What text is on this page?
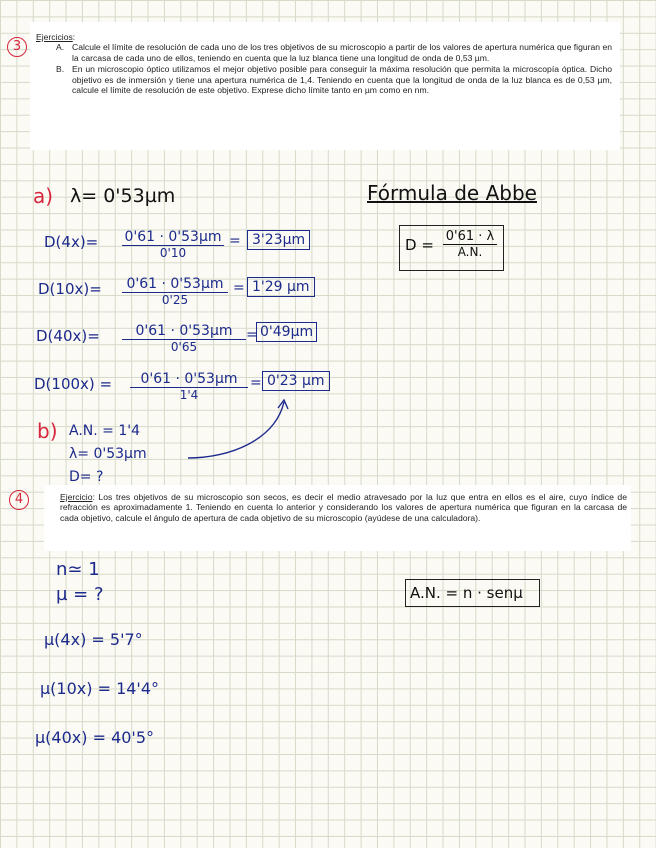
3
Ejercicios:
A. Calcule el límite de resolución de cada uno de los tres objetivos de su microscopio a partir de los valores de apertura numérica que figuran en la carcasa de cada uno de ellos, teniendo en cuenta que la luz blanca tiene una longitud de onda de 0,53 µm.
B. En un microscopio óptico utilizamos el mejor objetivo posible para conseguir la máxima resolución que permita la microscopía óptica. Dicho objetivo es de inmersión y tiene una apertura numérica de 1,4. Teniendo en cuenta que la longitud de onda de la luz blanca es de 0,53 µm, calcule el límite de resolución de este objetivo. Exprese dicho límite tanto en µm como en nm.
a) λ= 0'53µm	Fórmula de Abbe
$D = \frac{0'61 \cdot \lambda}{A.N.}$
D(4x)= 0'61 · 0'53µm
0'10
= 3'23µm
D(10x)=	0'61 · 0'53µm
0'25
= 1'29 µm
D(40x)=	0'61 · 0'53µm
0'65
= 0'49µm
D(100x) =	0'61 · 0'53µm
1'4
= 0'23 µm
b) A.N. = 1'4
λ= 0'53µm
D= ?
4	Ejercicio: Los tres objetivos de su microscopio son secos, es decir el medio atravesado por la luz que entra en ellos es el aire, cuyo índice de refracción es aproximadamente 1. Teniendo en cuenta lo anterior y considerando los valores de apertura numérica que figuran en la carcasa de cada objetivo, calcule el ángulo de apertura de cada objetivo de su microscopio (ayúdese de una calculadora).

n≃ 1
µ = ?	A.N. = n · senµ
µ(4x) = 5'7°
µ(10x) = 14'4°
µ(40x) = 40'5°
